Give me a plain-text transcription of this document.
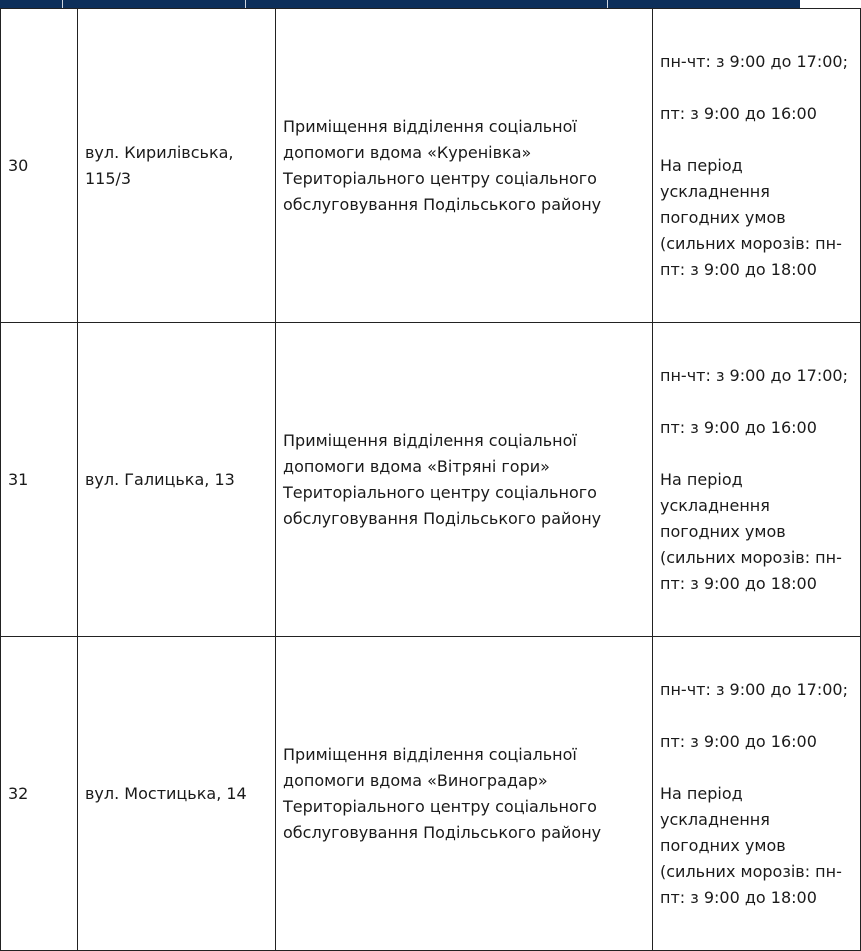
30	вул. Кирилівська, 115/3	Приміщення відділення соціальної допомоги вдома «Куренівка» Територіального центру соціального обслуговування Подільського району	пн-чт: з 9:00 до 17:00;

пт: з 9:00 до 16:00

На період ускладнення погодних умов (сильних морозів: пн-пт: з 9:00 до 18:00

31	вул. Галицька, 13	Приміщення відділення соціальної допомоги вдома «Вітряні гори» Територіального центру соціального обслуговування Подільського району	пн-чт: з 9:00 до 17:00;

пт: з 9:00 до 16:00

На період ускладнення погодних умов (сильних морозів: пн-пт: з 9:00 до 18:00

32	вул. Мостицька, 14	Приміщення відділення соціальної допомоги вдома «Виноградар» Територіального центру соціального обслуговування Подільського району	пн-чт: з 9:00 до 17:00;

пт: з 9:00 до 16:00

На період ускладнення погодних умов (сильних морозів: пн-пт: з 9:00 до 18:00
